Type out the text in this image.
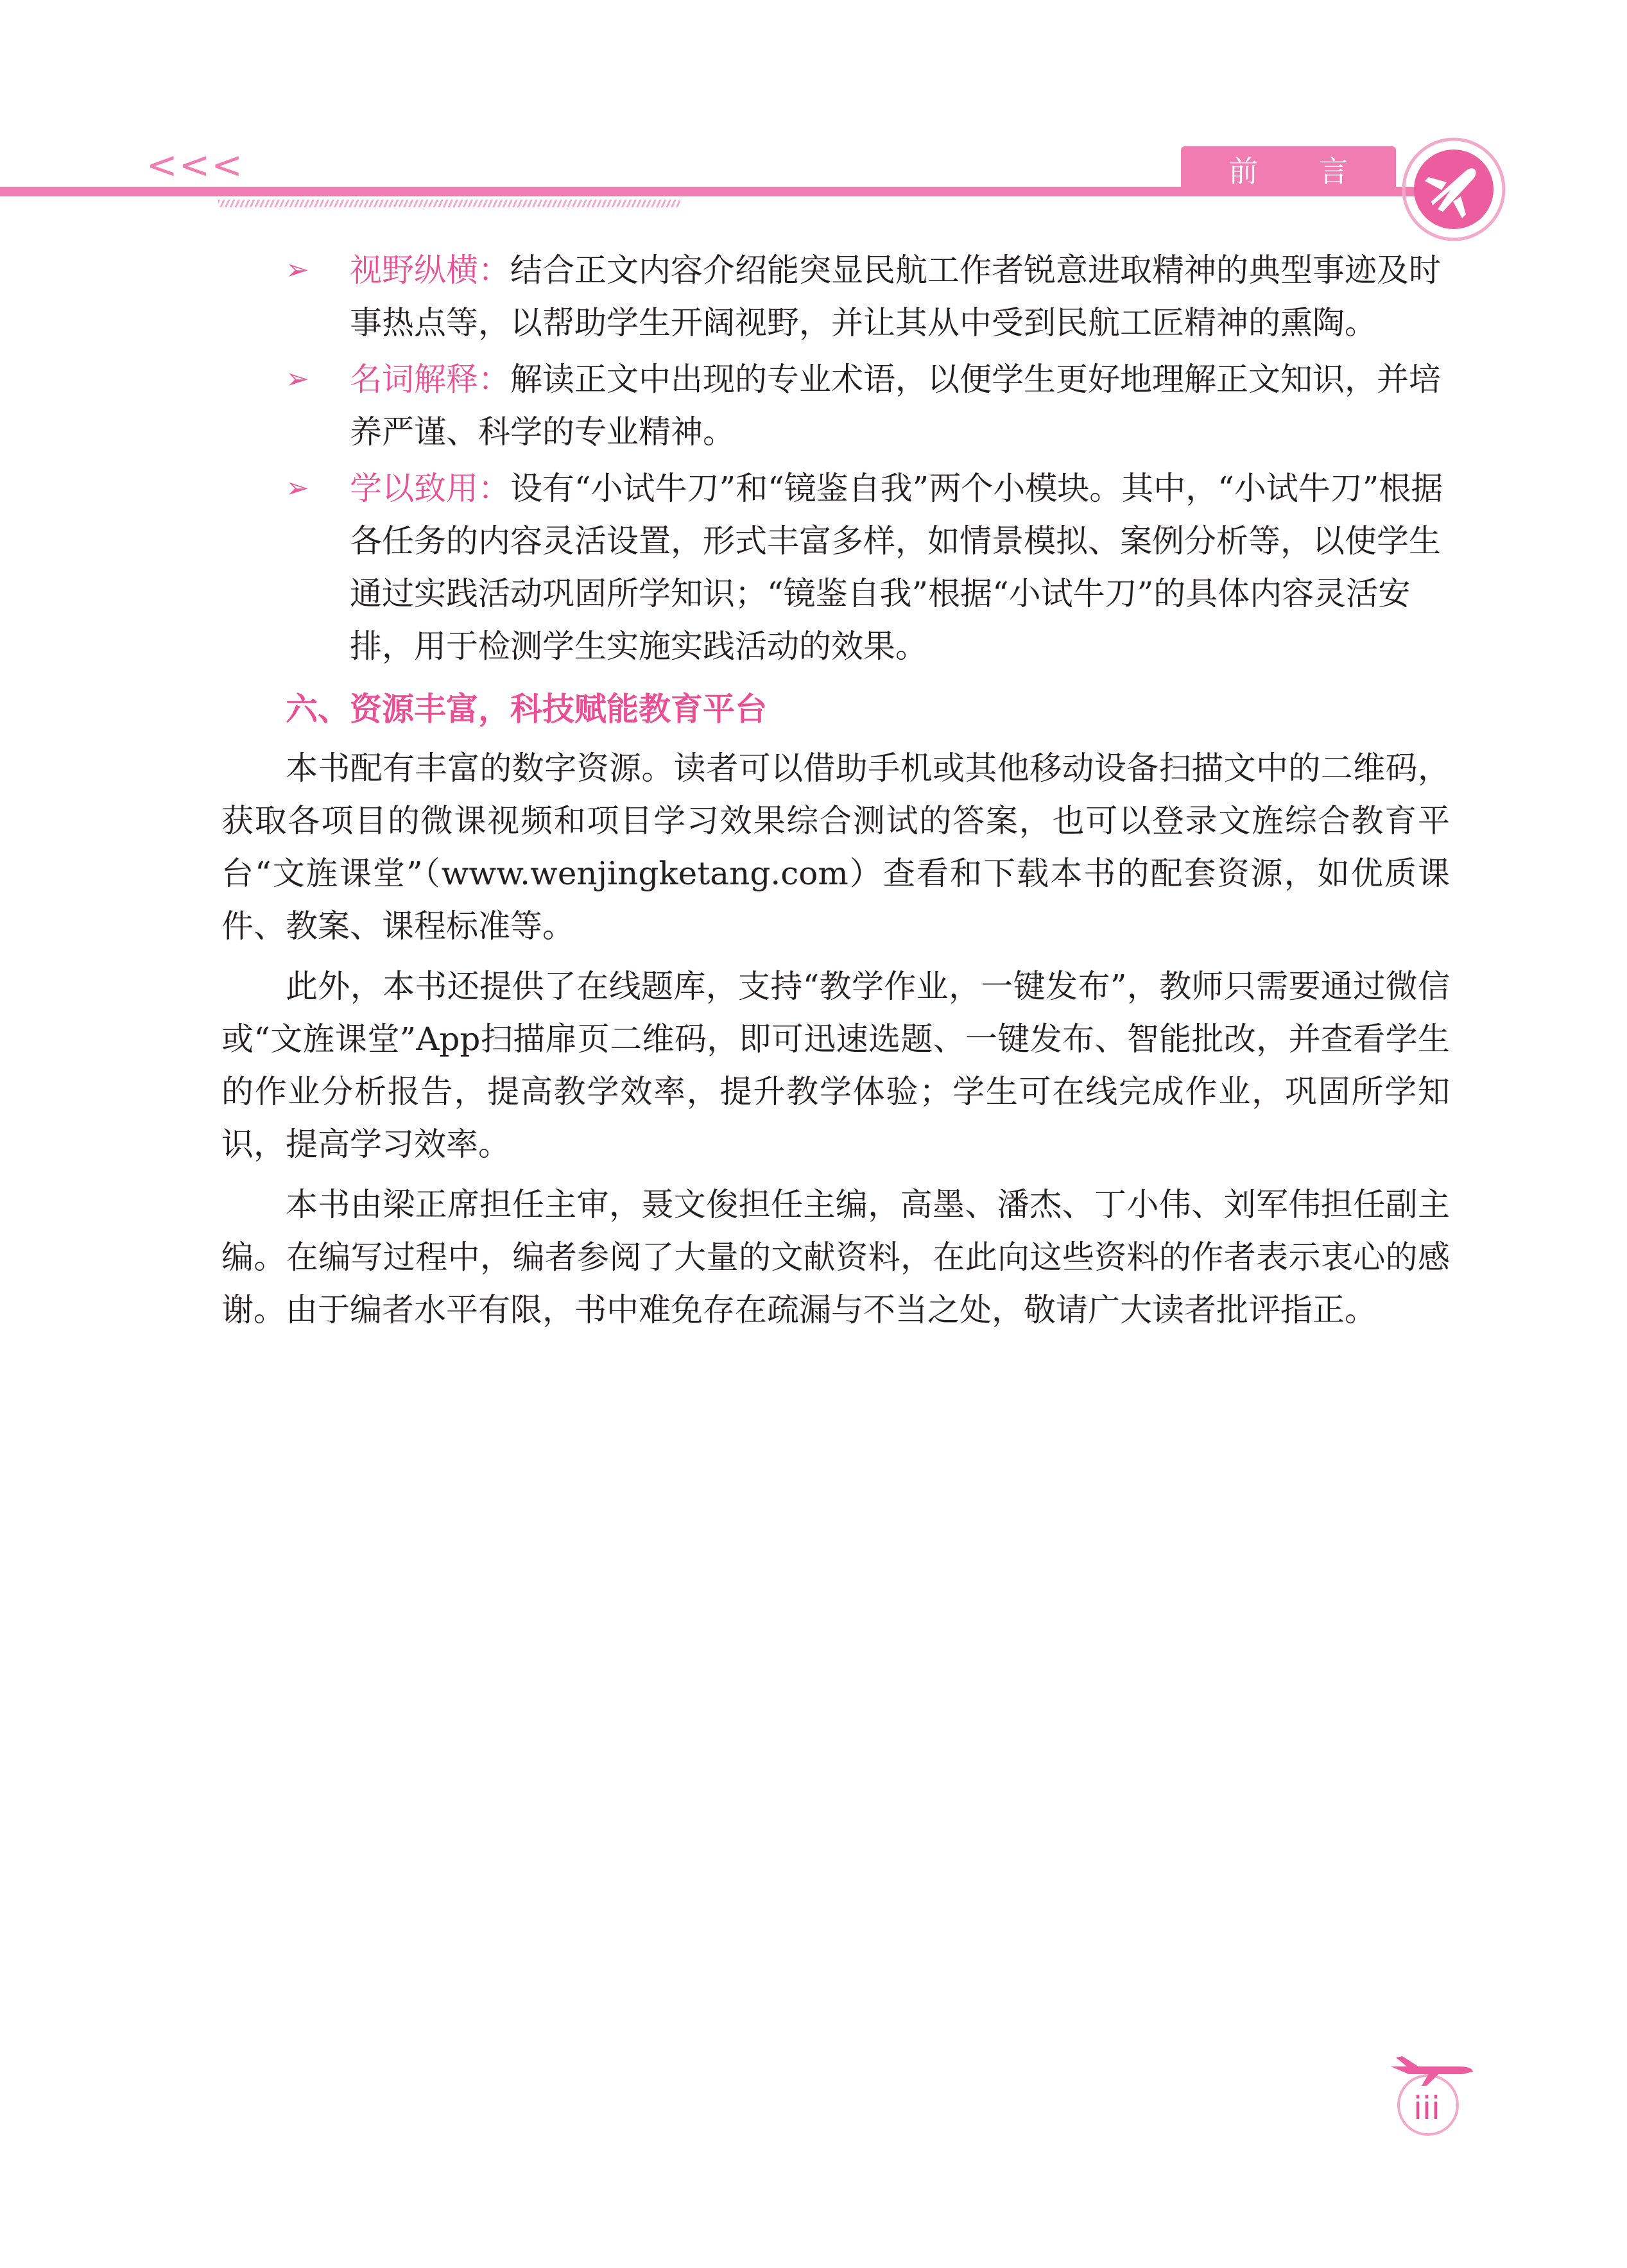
<<<	前 言

➢ 视野纵横：结合正文内容介绍能突显民航工作者锐意进取精神的典型事迹及时事热点等，以帮助学生开阔视野，并让其从中受到民航工匠精神的熏陶。

➢ 名词解释：解读正文中出现的专业术语，以便学生更好地理解正文知识，并培养严谨、科学的专业精神。

➢ 学以致用：设有“小试牛刀”和“镜鉴自我”两个小模块。其中，“小试牛刀”根据各任务的内容灵活设置，形式丰富多样，如情景模拟、案例分析等，以使学生通过实践活动巩固所学知识；“镜鉴自我”根据“小试牛刀”的具体内容灵活安排，用于检测学生实施实践活动的效果。

六、资源丰富，科技赋能教育平台

本书配有丰富的数字资源。读者可以借助手机或其他移动设备扫描文中的二维码，获取各项目的微课视频和项目学习效果综合测试的答案，也可以登录文旌综合教育平台“文旌课堂”（www.wenjingketang.com）查看和下载本书的配套资源，如优质课件、教案、课程标准等。

此外，本书还提供了在线题库，支持“教学作业，一键发布”，教师只需要通过微信或“文旌课堂”App扫描扉页二维码，即可迅速选题、一键发布、智能批改，并查看学生的作业分析报告，提高教学效率，提升教学体验；学生可在线完成作业，巩固所学知识，提高学习效率。

本书由梁正席担任主审，聂文俊担任主编，高墨、潘杰、丁小伟、刘军伟担任副主编。在编写过程中，编者参阅了大量的文献资料，在此向这些资料的作者表示衷心的感谢。由于编者水平有限，书中难免存在疏漏与不当之处，敬请广大读者批评指正。

iii
